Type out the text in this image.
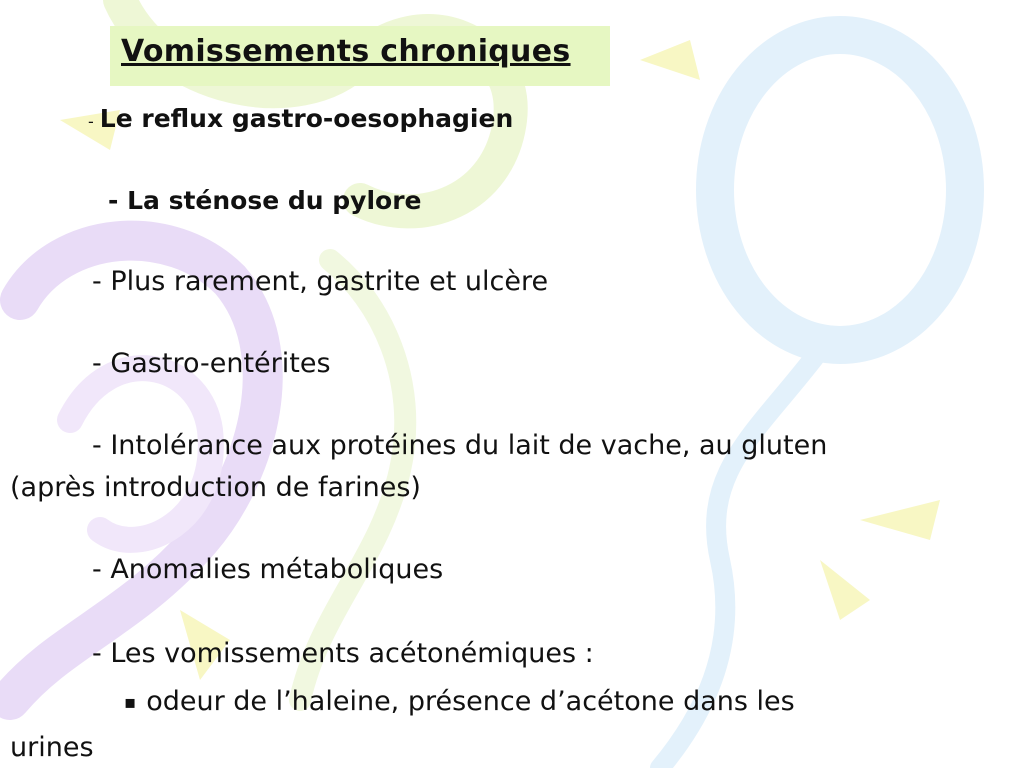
Vomissements chroniques
- Le reflux gastro-oesophagien
- La sténose du pylore
- Plus rarement, gastrite et ulcère
- Gastro-entérites
- Intolérance aux protéines du lait de vache, au gluten
(après introduction de farines)
- Anomalies métaboliques
- Les vomissements acétonémiques :
▪ odeur de l’haleine, présence d’acétone dans les
urines
